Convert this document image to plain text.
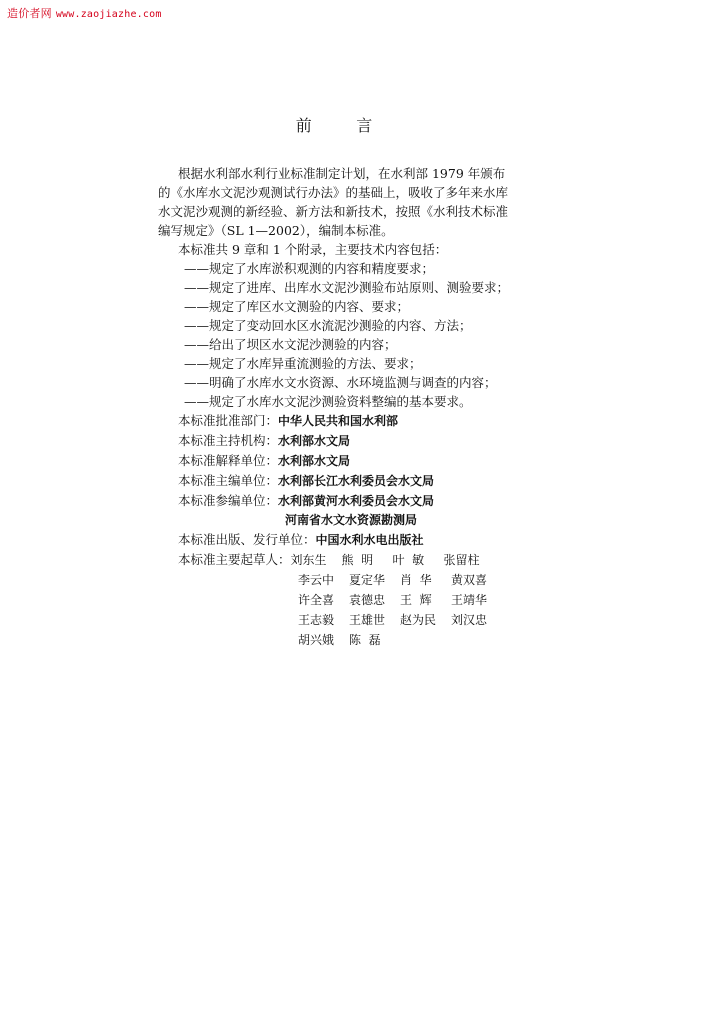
造价者网 www.zaojiazhe.com
前      言

根据水利部水利行业标准制定计划，在水利部 1979 年颁布

的《水库水文泥沙观测试行办法》的基础上，吸收了多年来水库

水文泥沙观测的新经验、新方法和新技术，按照《水利技术标准

编写规定》（SL 1—2002），编制本标准。

本标准共 9 章和 1 个附录，主要技术内容包括：

——规定了水库淤积观测的内容和精度要求；

——规定了进库、出库水文泥沙测验布站原则、测验要求；

——规定了库区水文测验的内容、要求；

——规定了变动回水区水流泥沙测验的内容、方法；

——给出了坝区水文泥沙测验的内容；

——规定了水库异重流测验的方法、要求；

——明确了水库水文水资源、水环境监测与调查的内容；

——规定了水库水文泥沙测验资料整编的基本要求。

本标准批准部门：中华人民共和国水利部

本标准主持机构：水利部水文局

本标准解释单位：水利部水文局

本标准主编单位：水利部长江水利委员会水文局

本标准参编单位：水利部黄河水利委员会水文局

河南省水文水资源勘测局

本标准出版、发行单位：中国水利水电出版社

本标准主要起草人： 刘东生	熊  明	叶  敏	张留柱

李云中	夏定华	肖  华	黄双喜

许全喜	袁德忠	王  辉	王靖华

王志毅	王雄世	赵为民	刘汉忠

胡兴娥	陈  磊
